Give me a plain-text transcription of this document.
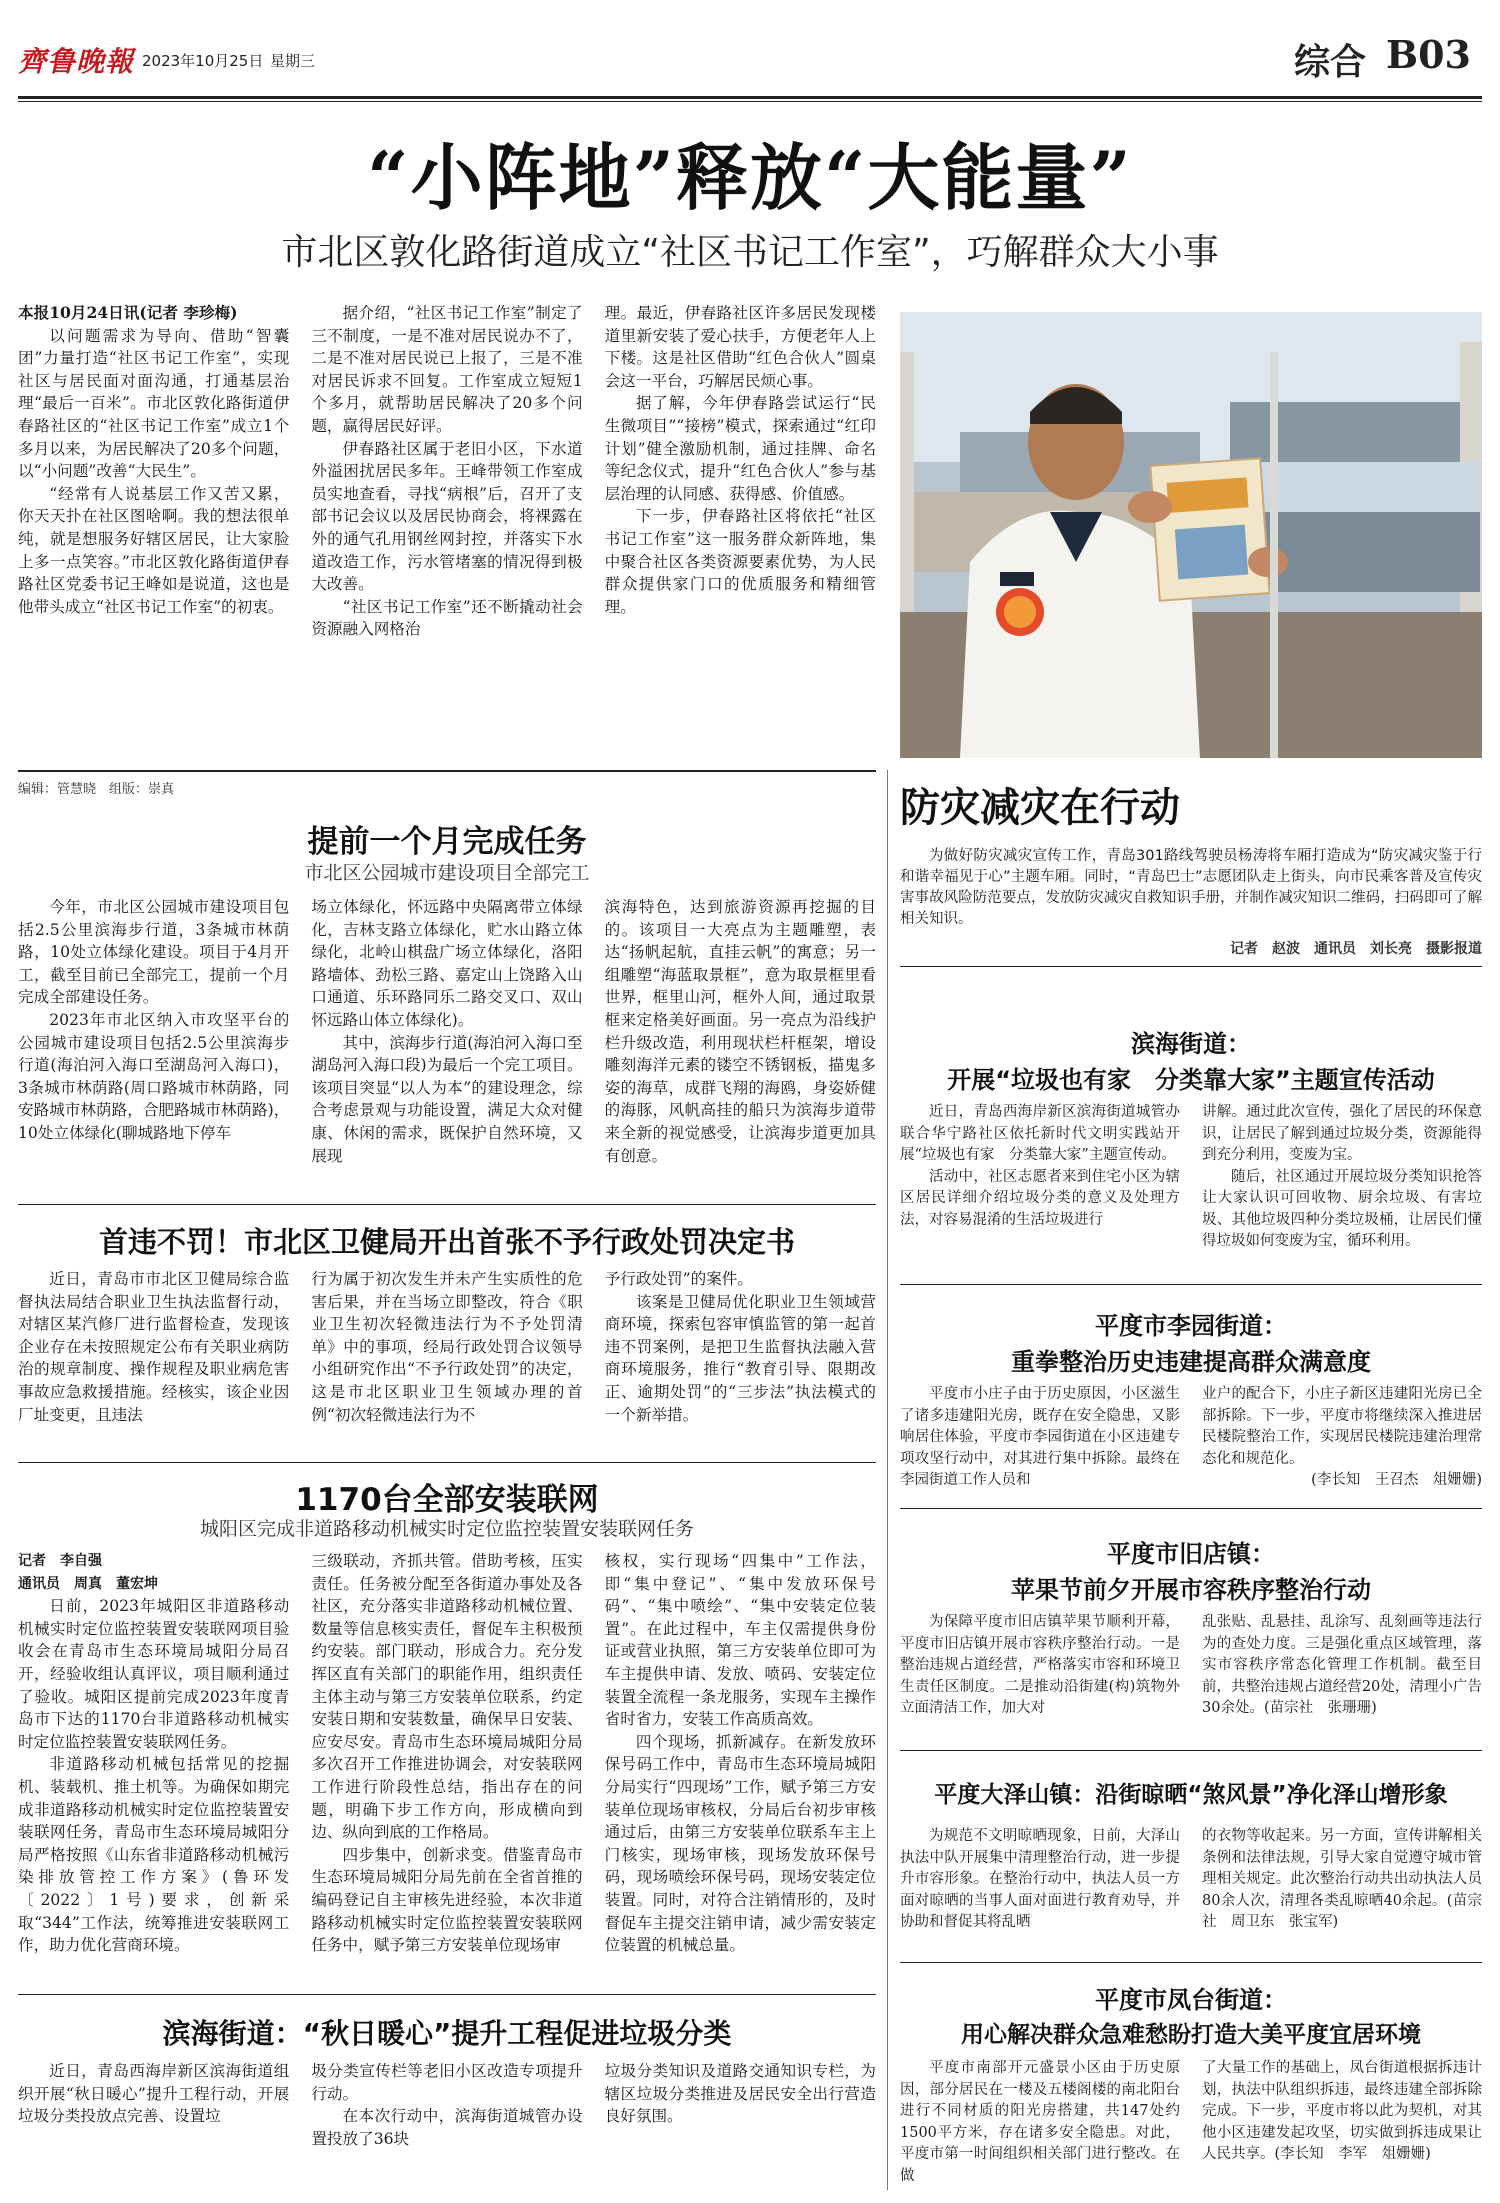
齊鲁晚報 2023年10月25日 星期三	综合 B03
“小阵地”释放“大能量”
市北区敦化路街道成立“社区书记工作室”，巧解群众大小事

本报10月24日讯(记者 李珍梅)

以问题需求为导向、借助“智囊团”力量打造“社区书记工作室”，实现社区与居民面对面沟通，打通基层治理“最后一百米”。市北区敦化路街道伊春路社区的“社区书记工作室”成立1个多月以来，为居民解决了20多个问题，以“小问题”改善“大民生”。

“经常有人说基层工作又苦又累，你天天扑在社区图啥啊。我的想法很单纯，就是想服务好辖区居民，让大家脸上多一点笑容。”市北区敦化路街道伊春路社区党委书记王峰如是说道，这也是他带头成立“社区书记工作室”的初衷。

据介绍，“社区书记工作室”制定了三不制度，一是不准对居民说办不了，二是不准对居民说已上报了，三是不准对居民诉求不回复。工作室成立短短1个多月，就帮助居民解决了20多个问题，赢得居民好评。

伊春路社区属于老旧小区，下水道外溢困扰居民多年。王峰带领工作室成员实地查看，寻找“病根”后，召开了支部书记会议以及居民协商会，将裸露在外的通气孔用钢丝网封控，并落实下水道改造工作，污水管堵塞的情况得到极大改善。

“社区书记工作室”还不断撬动社会资源融入网格治

理。最近，伊春路社区许多居民发现楼道里新安装了爱心扶手，方便老年人上下楼。这是社区借助“红色合伙人”圆桌会这一平台，巧解居民烦心事。

据了解，今年伊春路尝试运行“民生微项目”“接榜”模式，探索通过“红印计划”健全激励机制，通过挂牌、命名等纪念仪式，提升“红色合伙人”参与基层治理的认同感、获得感、价值感。

下一步，伊春路社区将依托“社区书记工作室”这一服务群众新阵地，集中聚合社区各类资源要素优势，为人民群众提供家门口的优质服务和精细管理。

编辑：管慧晓　组版：崇真
提前一个月完成任务
市北区公园城市建设项目全部完工

今年，市北区公园城市建设项目包括2.5公里滨海步行道，3条城市林荫路，10处立体绿化建设。项目于4月开工，截至目前已全部完工，提前一个月完成全部建设任务。

2023年市北区纳入市攻坚平台的公园城市建设项目包括2.5公里滨海步行道(海泊河入海口至湖岛河入海口)，3条城市林荫路(周口路城市林荫路，同安路城市林荫路，合肥路城市林荫路)，10处立体绿化(聊城路地下停车

场立体绿化，怀远路中央隔离带立体绿化，吉林支路立体绿化，贮水山路立体绿化，北岭山棋盘广场立体绿化，洛阳路墙体、劲松三路、嘉定山上饶路入山口通道、乐环路同乐二路交叉口、双山怀远路山体立体绿化)。

其中，滨海步行道(海泊河入海口至湖岛河入海口段)为最后一个完工项目。该项目突显“以人为本”的建设理念，综合考虑景观与功能设置，满足大众对健康、休闲的需求，既保护自然环境，又展现

滨海特色，达到旅游资源再挖掘的目的。该项目一大亮点为主题雕塑，表达“扬帆起航，直挂云帆”的寓意；另一组雕塑“海蓝取景框”，意为取景框里看世界，框里山河，框外人间，通过取景框来定格美好画面。另一亮点为沿线护栏升级改造，利用现状栏杆框架，增设雕刻海洋元素的镂空不锈钢板，描鬼多姿的海草，成群飞翔的海鸥，身姿娇健的海豚，风帆高挂的船只为滨海步道带来全新的视觉感受，让滨海步道更加具有创意。

首违不罚！市北区卫健局开出首张不予行政处罚决定书

近日，青岛市市北区卫健局综合监督执法局结合职业卫生执法监督行动，对辖区某汽修厂进行监督检查，发现该企业存在未按照规定公布有关职业病防治的规章制度、操作规程及职业病危害事故应急救援措施。经核实，该企业因厂址变更，且违法

行为属于初次发生并未产生实质性的危害后果，并在当场立即整改，符合《职业卫生初次轻微违法行为不予处罚清单》中的事项，经局行政处罚合议领导小组研究作出“不予行政处罚”的决定，这是市北区职业卫生领域办理的首例“初次轻微违法行为不

予行政处罚”的案件。

该案是卫健局优化职业卫生领域营商环境，探索包容审慎监管的第一起首违不罚案例，是把卫生监督执法融入营商环境服务，推行“教育引导、限期改正、逾期处罚”的“三步法”执法模式的一个新举措。

1170台全部安装联网
城阳区完成非道路移动机械实时定位监控装置安装联网任务

记者　李自强

通讯员　周真　董宏坤

日前，2023年城阳区非道路移动机械实时定位监控装置安装联网项目验收会在青岛市生态环境局城阳分局召开，经验收组认真评议，项目顺利通过了验收。城阳区提前完成2023年度青岛市下达的1170台非道路移动机械实时定位监控装置安装联网任务。

非道路移动机械包括常见的挖掘机、装载机、推土机等。为确保如期完成非道路移动机械实时定位监控装置安装联网任务，青岛市生态环境局城阳分局严格按照《山东省非道路移动机械污染排放管控工作方案》(鲁环发〔2022〕1号)要求，创新采取“344”工作法，统筹推进安装联网工作，助力优化营商环境。

三级联动，齐抓共管。借助考核，压实责任。任务被分配至各街道办事处及各社区，充分落实非道路移动机械位置、数量等信息核实责任，督促车主积极预约安装。部门联动，形成合力。充分发挥区直有关部门的职能作用，组织责任主体主动与第三方安装单位联系，约定安装日期和安装数量，确保早日安装、应安尽安。青岛市生态环境局城阳分局多次召开工作推进协调会，对安装联网工作进行阶段性总结，指出存在的问题，明确下步工作方向，形成横向到边、纵向到底的工作格局。

四步集中，创新求变。借鉴青岛市生态环境局城阳分局先前在全省首推的编码登记自主审核先进经验，本次非道路移动机械实时定位监控装置安装联网任务中，赋予第三方安装单位现场审

核权，实行现场“四集中”工作法，即“集中登记”、“集中发放环保号码”、“集中喷绘”、“集中安装定位装置”。在此过程中，车主仅需提供身份证或营业执照，第三方安装单位即可为车主提供申请、发放、喷码、安装定位装置全流程一条龙服务，实现车主操作省时省力，安装工作高质高效。

四个现场，抓新减存。在新发放环保号码工作中，青岛市生态环境局城阳分局实行“四现场”工作，赋予第三方安装单位现场审核权，分局后台初步审核通过后，由第三方安装单位联系车主上门核实，现场审核，现场发放环保号码，现场喷绘环保号码，现场安装定位装置。同时，对符合注销情形的，及时督促车主提交注销申请，减少需安装定位装置的机械总量。

滨海街道：“秋日暖心”提升工程促进垃圾分类

近日，青岛西海岸新区滨海街道组织开展“秋日暖心”提升工程行动，开展垃圾分类投放点完善、设置垃

圾分类宣传栏等老旧小区改造专项提升行动。

在本次行动中，滨海街道城管办设置投放了36块

垃圾分类知识及道路交通知识专栏，为辖区垃圾分类推进及居民安全出行营造良好氛围。

防灾减灾在行动
为做好防灾减灾宣传工作，青岛301路线驾驶员杨涛将车厢打造成为“防灾减灾鉴于行　和谐幸福见于心”主题车厢。同时，“青岛巴士”志愿团队走上街头，向市民乘客普及宣传灾害事故风险防范要点，发放防灾减灾自救知识手册，并制作减灾知识二维码，扫码即可了解相关知识。
记者　赵波　通讯员　刘长亮　摄影报道
滨海街道：
开展“垃圾也有家　分类靠大家”主题宣传活动

近日，青岛西海岸新区滨海街道城管办联合华宁路社区依托新时代文明实践站开展“垃圾也有家　分类靠大家”主题宣传动。

活动中，社区志愿者来到住宅小区为辖区居民详细介绍垃圾分类的意义及处理方法，对容易混淆的生活垃圾进行

讲解。通过此次宣传，强化了居民的环保意识，让居民了解到通过垃圾分类，资源能得到充分利用，变废为宝。

随后，社区通过开展垃圾分类知识抢答让大家认识可回收物、厨余垃圾、有害垃圾、其他垃圾四种分类垃圾桶，让居民们懂得垃圾如何变废为宝，循环利用。

平度市李园街道：
重拳整治历史违建提高群众满意度

平度市小庄子由于历史原因，小区滋生了诸多违建阳光房，既存在安全隐患，又影响居住体验，平度市李园街道在小区违建专项攻坚行动中，对其进行集中拆除。最终在李园街道工作人员和

业户的配合下，小庄子新区违建阳光房已全部拆除。下一步，平度市将继续深入推进居民楼院整治工作，实现居民楼院违建治理常态化和规范化。

(李长知　王召杰　俎姗姗)

平度市旧店镇：
苹果节前夕开展市容秩序整治行动

为保障平度市旧店镇苹果节顺利开幕，平度市旧店镇开展市容秩序整治行动。一是整治违规占道经营，严格落实市容和环境卫生责任区制度。二是推动沿街建(构)筑物外立面清洁工作，加大对

乱张贴、乱悬挂、乱涂写、乱刻画等违法行为的查处力度。三是强化重点区域管理，落实市容秩序常态化管理工作机制。截至目前，共整治违规占道经营20处，清理小广告30余处。(苗宗社　张珊珊)

平度大泽山镇：沿街晾晒“煞风景”净化泽山增形象

为规范不文明晾晒现象，日前，大泽山执法中队开展集中清理整治行动，进一步提升市容形象。在整治行动中，执法人员一方面对晾晒的当事人面对面进行教育劝导，并协助和督促其将乱晒

的衣物等收起来。另一方面，宣传讲解相关条例和法律法规，引导大家自觉遵守城市管理相关规定。此次整治行动共出动执法人员80余人次，清理各类乱晾晒40余起。(苗宗社　周卫东　张宝军)

平度市凤台街道：
用心解决群众急难愁盼打造大美平度宜居环境

平度市南部开元盛景小区由于历史原因，部分居民在一楼及五楼阁楼的南北阳台进行不同材质的阳光房搭建，共147处约1500平方米，存在诸多安全隐患。对此，平度市第一时间组织相关部门进行整改。在做

了大量工作的基础上，凤台街道根据拆违计划，执法中队组织拆违，最终违建全部拆除完成。下一步，平度市将以此为契机，对其他小区违建发起攻坚，切实做到拆违成果让人民共享。(李长知　李军　俎姗姗)
